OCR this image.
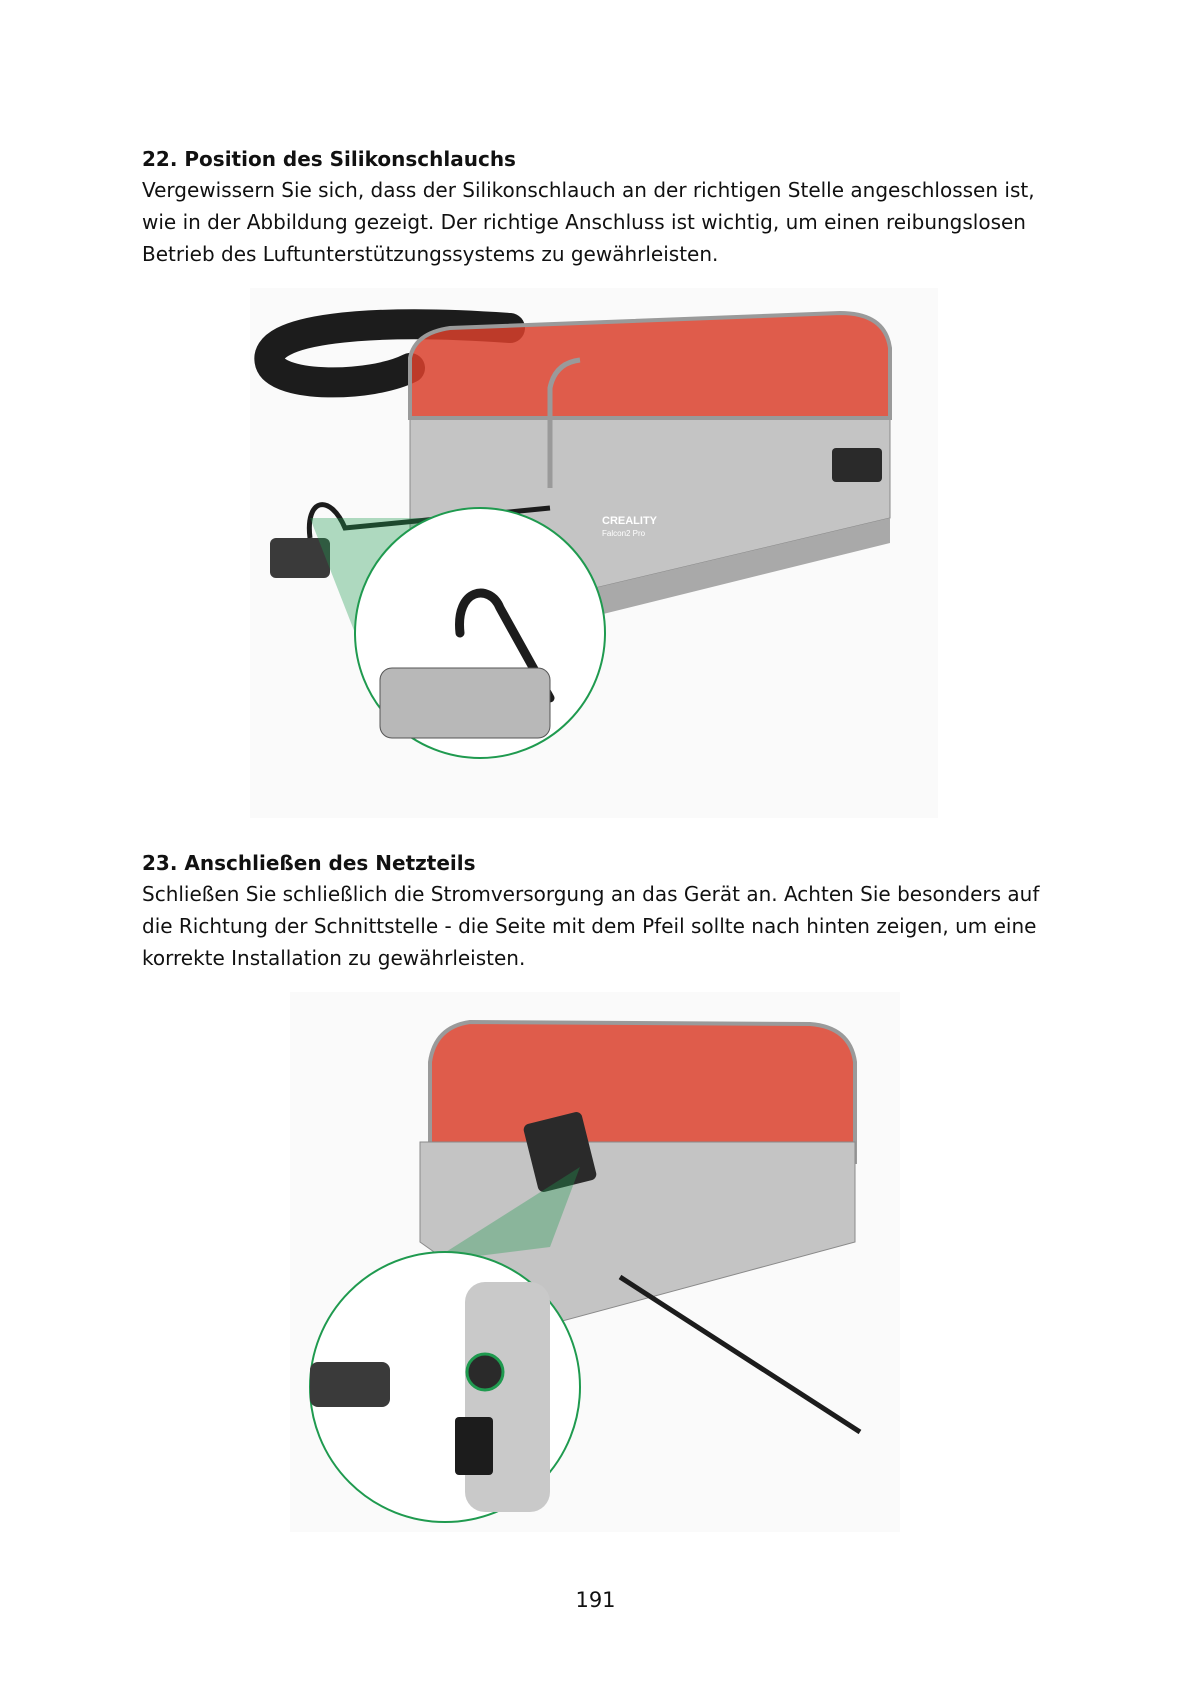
22. Position des Silikonschlauchs

Vergewissern Sie sich, dass der Silikonschlauch an der richtigen Stelle angeschlossen ist, wie in der Abbildung gezeigt. Der richtige Anschluss ist wichtig, um einen reibungslosen Betrieb des Luftunterstützungssystems zu gewährleisten.

CREALITY
Falcon2 Pro
23. Anschließen des Netzteils

Schließen Sie schließlich die Stromversorgung an das Gerät an. Achten Sie besonders auf die Richtung der Schnittstelle - die Seite mit dem Pfeil sollte nach hinten zeigen, um eine korrekte Installation zu gewährleisten.

191
